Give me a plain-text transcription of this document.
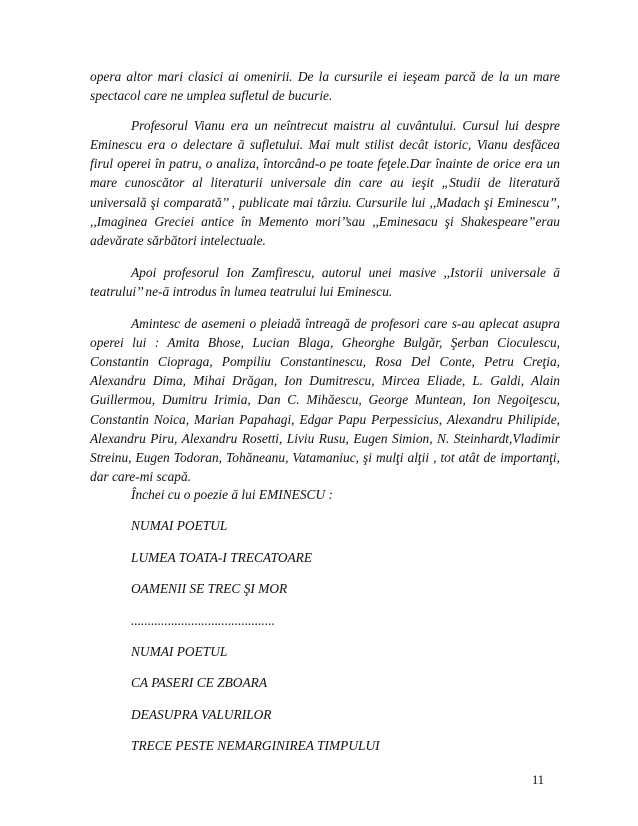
opera altor mari clasici ai omenirii. De la cursurile ei ieşeam parcă de la un mare spectacol care ne umplea sufletul de bucurie.

Profesorul Vianu era un neîntrecut maistru al cuvântului. Cursul lui despre Eminescu era o delectare ā sufletului. Mai mult stilist decât istoric, Vianu desfăcea firul operei în patru, o analiza, întorcând-o pe toate feţele.Dar înainte de orice era un mare cunoscător al literaturii universale din care au ieşit „Studii de literatură universală şi comparată’’ , publicate mai târziu. Cursurile lui ,,Madach şi Eminescu’’, ,,Imaginea Greciei antice în Memento mori’’sau ,,Eminesacu şi Shakespeare”erau adevărate sărbători intelectuale.

Apoi profesorul Ion Zamfirescu, autorul unei masive ,,Istorii universale ā teatrului’’ ne-ā introdus în lumea teatrului lui Eminescu.

Amintesc de asemeni o pleiadă întreagă de profesori care s-au aplecat asupra operei lui : Amita Bhose, Lucian Blaga, Gheorghe Bulgăr, Şerban Cioculescu, Constantin Ciopraga, Pompiliu Constantinescu, Rosa Del Conte, Petru Creţia, Alexandru Dima, Mihai Drăgan, Ion Dumitrescu, Mircea Eliade, L. Galdi, Alain Guillermou, Dumitru Irimia, Dan C. Mihăescu, George Muntean, Ion Negoiţescu, Constantin Noica, Marian Papahagi, Edgar Papu Perpessicius, Alexandru Philipide, Alexandru Piru, Alexandru Rosetti, Liviu Rusu, Eugen Simion, N. Steinhardt,Vladimir Streinu, Eugen Todoran, Tohăneanu, Vatamaniuc, şi mulţi alţii , tot atât de importanţi, dar care-mi scapă.

Închei cu o poezie ā lui EMINESCU :

NUMAI POETUL

LUMEA TOATA-I TRECATOARE

OAMENII SE TREC ŞI MOR

...........................................

NUMAI POETUL

CA PASERI CE ZBOARA

DEASUPRA VALURILOR

TRECE PESTE NEMARGINIREA TIMPULUI

11
